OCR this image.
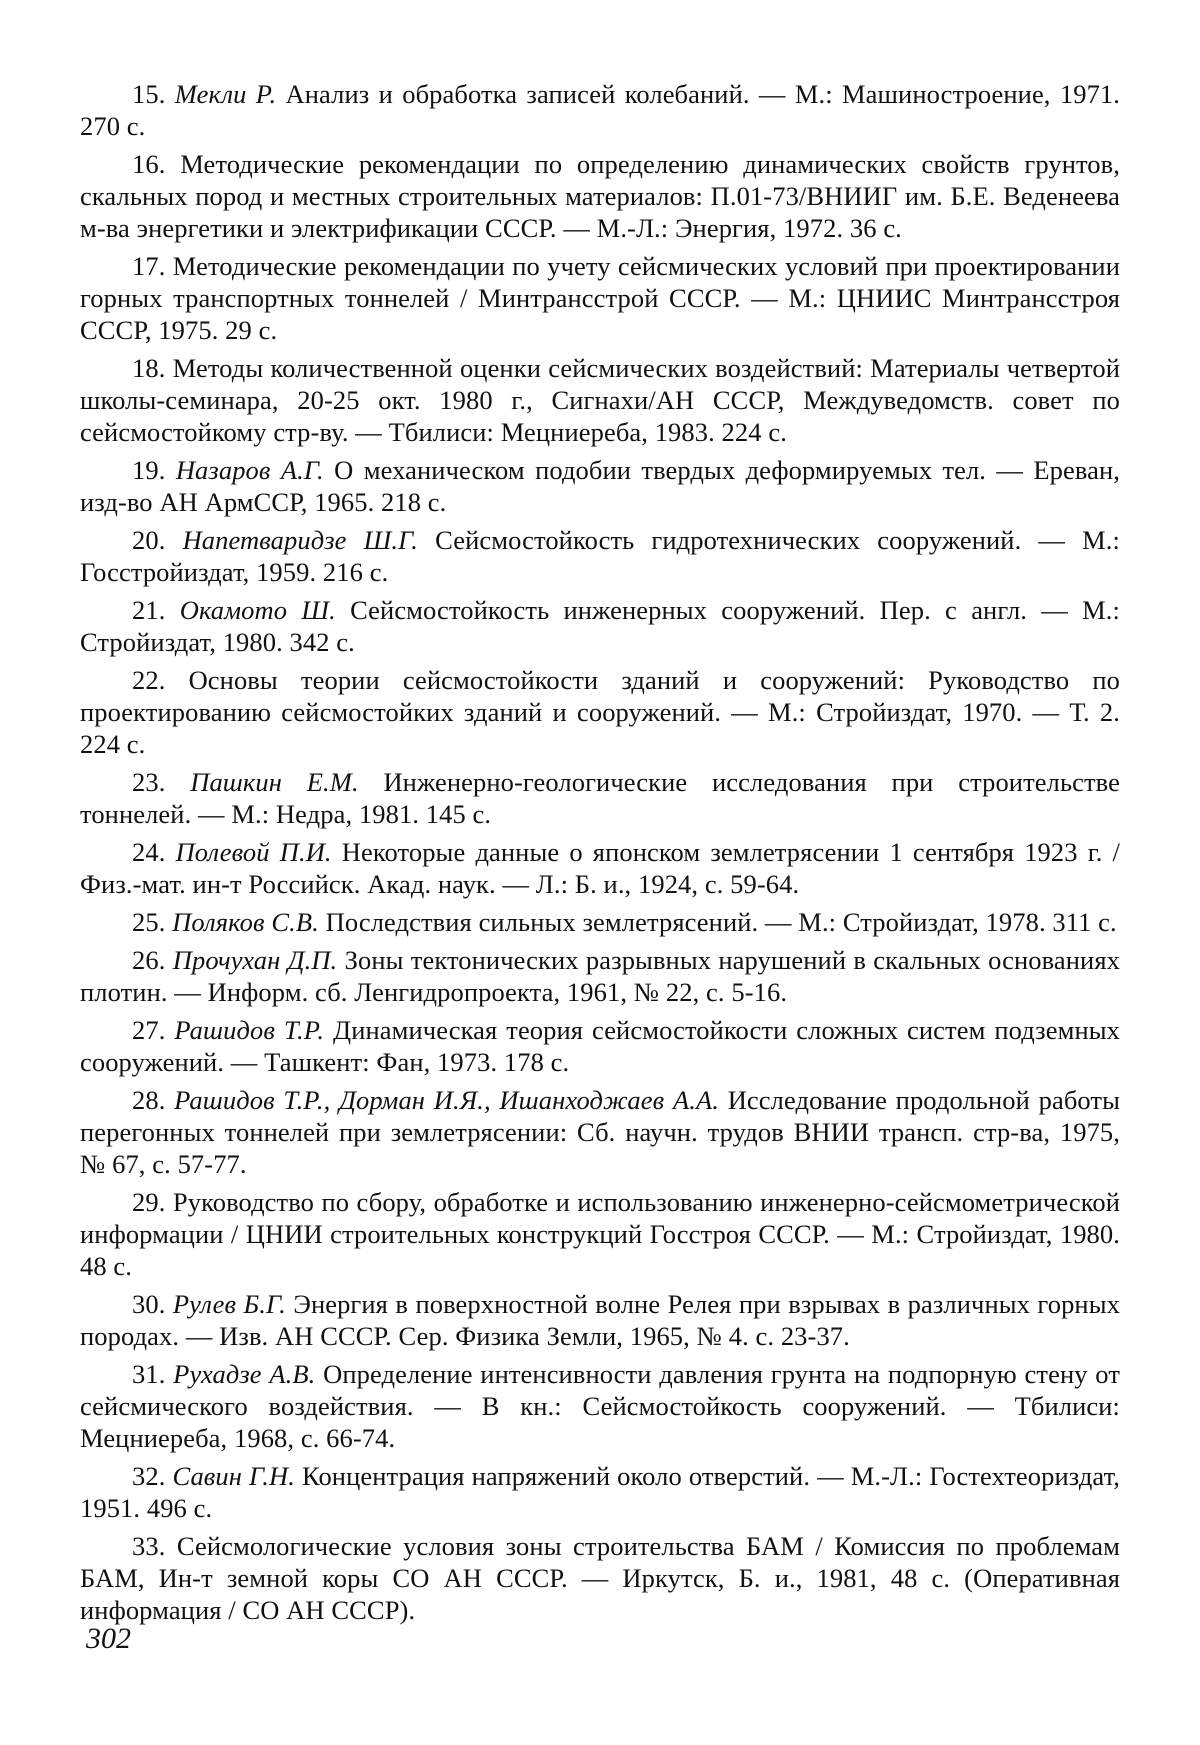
15. Мекли Р. Анализ и обработка записей колебаний. — М.: Машиностроение, 1971. 270 с.

16. Методические рекомендации по определению динамических свойств грунтов, скальных пород и местных строительных материалов: П.01-73/ВНИИГ им. Б.Е. Веденеева м-ва энергетики и электрификации СССР. — М.-Л.: Энергия, 1972. 36 с.

17. Методические рекомендации по учету сейсмических условий при проектировании горных транспортных тоннелей / Минтрансстрой СССР. — М.: ЦНИИС Минтрансстроя СССР, 1975. 29 с.

18. Методы количественной оценки сейсмических воздействий: Материалы четвертой школы-семинара, 20-25 окт. 1980 г., Сигнахи/АН СССР, Междуведомств. совет по сейсмостойкому стр-ву. — Тбилиси: Мецниереба, 1983. 224 с.

19. Назаров А.Г. О механическом подобии твердых деформируемых тел. — Ереван, изд-во АН АрмССР, 1965. 218 с.

20. Напетваридзе Ш.Г. Сейсмостойкость гидротехнических сооружений. — М.: Госстройиздат, 1959. 216 с.

21. Окамото Ш. Сейсмостойкость инженерных сооружений. Пер. с англ. — М.: Стройиздат, 1980. 342 с.

22. Основы теории сейсмостойкости зданий и сооружений: Руководство по проектированию сейсмостойких зданий и сооружений. — М.: Стройиздат, 1970. — Т. 2. 224 с.

23. Пашкин Е.М. Инженерно-геологические исследования при строительстве тоннелей. — М.: Недра, 1981. 145 с.

24. Полевой П.И. Некоторые данные о японском землетрясении 1 сентября 1923 г. / Физ.-мат. ин-т Российск. Акад. наук. — Л.: Б. и., 1924, с. 59-64.

25. Поляков С.В. Последствия сильных землетрясений. — М.: Стройиздат, 1978. 311 с.

26. Прочухан Д.П. Зоны тектонических разрывных нарушений в скальных основаниях плотин. — Информ. сб. Ленгидропроекта, 1961, № 22, с. 5-16.

27. Рашидов Т.Р. Динамическая теория сейсмостойкости сложных систем подземных сооружений. — Ташкент: Фан, 1973. 178 с.

28. Рашидов Т.Р., Дорман И.Я., Ишанходжаев А.А. Исследование продольной работы перегонных тоннелей при землетрясении: Сб. научн. трудов ВНИИ трансп. стр-ва, 1975, № 67, с. 57-77.

29. Руководство по сбору, обработке и использованию инженерно-сейсмометрической информации / ЦНИИ строительных конструкций Госстроя СССР. — М.: Стройиздат, 1980. 48 с.

30. Рулев Б.Г. Энергия в поверхностной волне Релея при взрывах в различных горных породах. — Изв. АН СССР. Сер. Физика Земли, 1965, № 4. с. 23-37.

31. Рухадзе А.В. Определение интенсивности давления грунта на подпорную стену от сейсмического воздействия. — В кн.: Сейсмостойкость сооружений. — Тбилиси: Мецниереба, 1968, с. 66-74.

32. Савин Г.Н. Концентрация напряжений около отверстий. — М.-Л.: Гостехтеориздат, 1951. 496 с.

33. Сейсмологические условия зоны строительства БАМ / Комиссия по проблемам БАМ, Ин-т земной коры СО АН СССР. — Иркутск, Б. и., 1981, 48 с. (Оперативная информация / СО АН СССР).

302
